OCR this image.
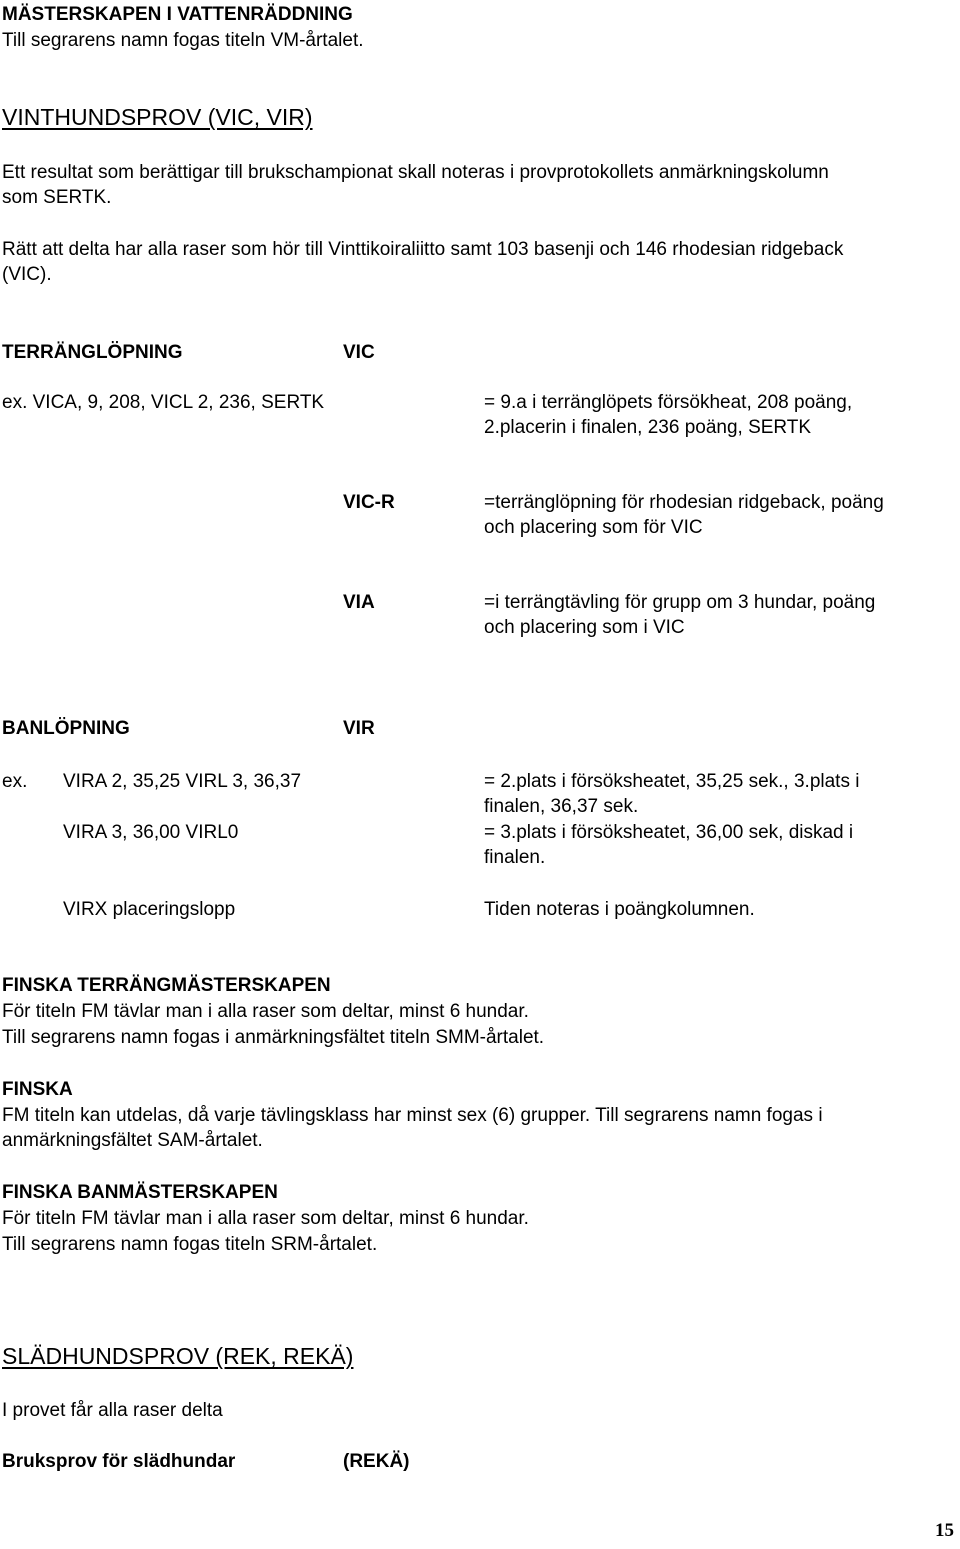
MÄSTERSKAPEN I VATTENRÄDDNING

Till segrarens namn fogas titeln VM-årtalet.

VINTHUNDSPROV (VIC, VIR)

Ett resultat som berättigar till brukschampionat skall noteras i provprotokollets anmärkningskolumn

som SERTK.

Rätt att delta har alla raser som hör till Vinttikoiraliitto samt 103 basenji och 146 rhodesian ridgeback

(VIC).

TERRÄNGLÖPNING	VIC

ex. VICA, 9, 208, VICL 2, 236, SERTK	= 9.a i terränglöpets försökheat, 208 poäng,

2.placerin i finalen, 236 poäng, SERTK

VIC-R	=terränglöpning för rhodesian ridgeback, poäng

och placering som för VIC

VIA	=i terrängtävling för grupp om 3 hundar, poäng

och placering som i VIC

BANLÖPNING	VIR

ex. VIRA 2, 35,25 VIRL 3, 36,37	= 2.plats i försöksheatet, 35,25 sek., 3.plats i

finalen, 36,37 sek.

VIRA 3, 36,00 VIRL0	= 3.plats i försöksheatet, 36,00 sek, diskad i

finalen.

VIRX placeringslopp	Tiden noteras i poängkolumnen.

FINSKA TERRÄNGMÄSTERSKAPEN

För titeln FM tävlar man i alla raser som deltar, minst 6 hundar.

Till segrarens namn fogas i anmärkningsfältet titeln SMM-årtalet.

FINSKA

FM titeln kan utdelas, då varje tävlingsklass har minst sex (6) grupper. Till segrarens namn fogas i

anmärkningsfältet SAM-årtalet.

FINSKA BANMÄSTERSKAPEN

För titeln FM tävlar man i alla raser som deltar, minst 6 hundar.

Till segrarens namn fogas titeln SRM-årtalet.

SLÄDHUNDSPROV (REK, REKÄ)

I provet får alla raser delta

Bruksprov för slädhundar	(REKÄ)

15
